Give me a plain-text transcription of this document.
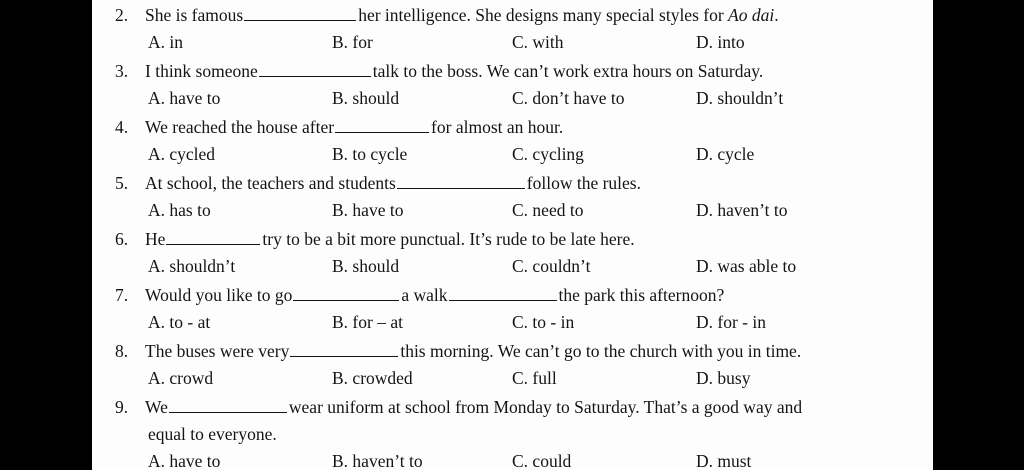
2. She is famous	her intelligence. She designs many special styles for Ao dai.
A. in	B. for	C. with	D. into
3. I think someone	talk to the boss. We can’t work extra hours on Saturday.
A. have to	B. should	C. don’t have to	D. shouldn’t
4. We reached the house after	for almost an hour.
A. cycled	B. to cycle	C. cycling	D. cycle
5. At school, the teachers and students	follow the rules.
A. has to	B. have to	C. need to	D. haven’t to
6. He	try to be a bit more punctual. It’s rude to be late here.
A. shouldn’t	B. should	C. couldn’t	D. was able to
7. Would you like to go	a walk	the park this afternoon?
A. to - at	B. for – at	C. to - in	D. for - in
8. The buses were very	this morning. We can’t go to the church with you in time.
A. crowd	B. crowded	C. full	D. busy
9. We	wear uniform at school from Monday to Saturday. That’s a good way and
equal to everyone.
A. have to	B. haven’t to	C. could	D. must
